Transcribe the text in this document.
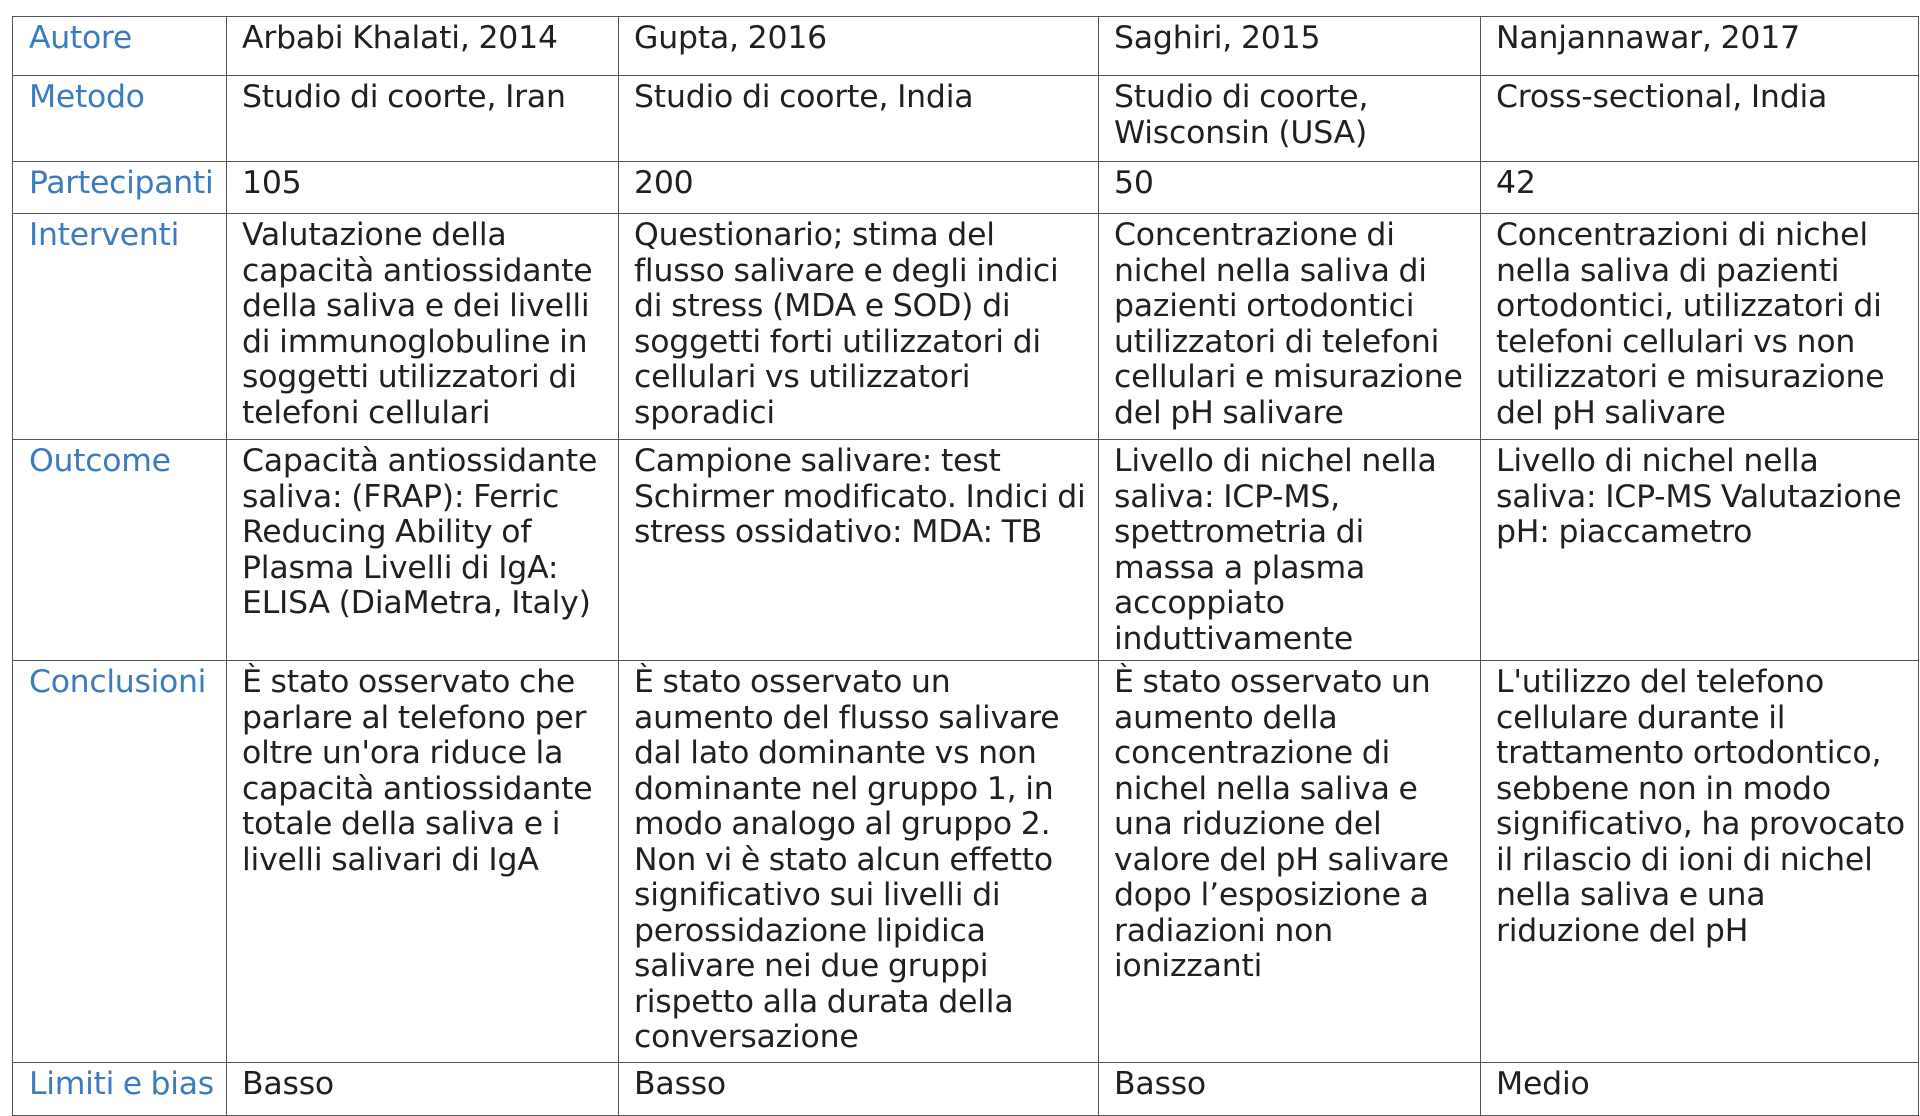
Autore	Arbabi Khalati, 2014	Gupta, 2016	Saghiri, 2015	Nanjannawar, 2017
Metodo	Studio di coorte, Iran	Studio di coorte, India	Studio di coorte, Wisconsin (USA)	Cross-sectional, India
Partecipanti	105	200	50	42
Interventi	Valutazione della capacità antiossidante della saliva e dei livelli di immunoglobuline in soggetti utilizzatori di telefoni cellulari	Questionario; stima del flusso salivare e degli indici di stress (MDA e SOD) di soggetti forti utilizzatori di cellulari vs utilizzatori sporadici	Concentrazione di nichel nella saliva di pazienti ortodontici utilizzatori di telefoni cellulari e misurazione del pH salivare	Concentrazioni di nichel nella saliva di pazienti ortodontici, utilizzatori di telefoni cellulari vs non utilizzatori e misurazione del pH salivare
Outcome	Capacità antiossidante saliva: (FRAP): Ferric Reducing Ability of Plasma Livelli di IgA: ELISA (DiaMetra, Italy)	Campione salivare: test Schirmer modificato. Indici di stress ossidativo: MDA: TB	Livello di nichel nella saliva: ICP-MS, spettrometria di massa a plasma accoppiato induttivamente	Livello di nichel nella saliva: ICP-MS Valutazione pH: piaccametro
Conclusioni	È stato osservato che parlare al telefono per oltre un'ora riduce la capacità antiossidante totale della saliva e i livelli salivari di IgA	È stato osservato un aumento del flusso salivare dal lato dominante vs non dominante nel gruppo 1, in modo analogo al gruppo 2. Non vi è stato alcun effetto significativo sui livelli di perossidazione lipidica salivare nei due gruppi rispetto alla durata della conversazione	È stato osservato un aumento della concentrazione di nichel nella saliva e una riduzione del valore del pH salivare dopo l’esposizione a radiazioni non ionizzanti	L'utilizzo del telefono cellulare durante il trattamento ortodontico, sebbene non in modo significativo, ha provocato il rilascio di ioni di nichel nella saliva e una riduzione del pH
Limiti e bias	Basso	Basso	Basso	Medio
